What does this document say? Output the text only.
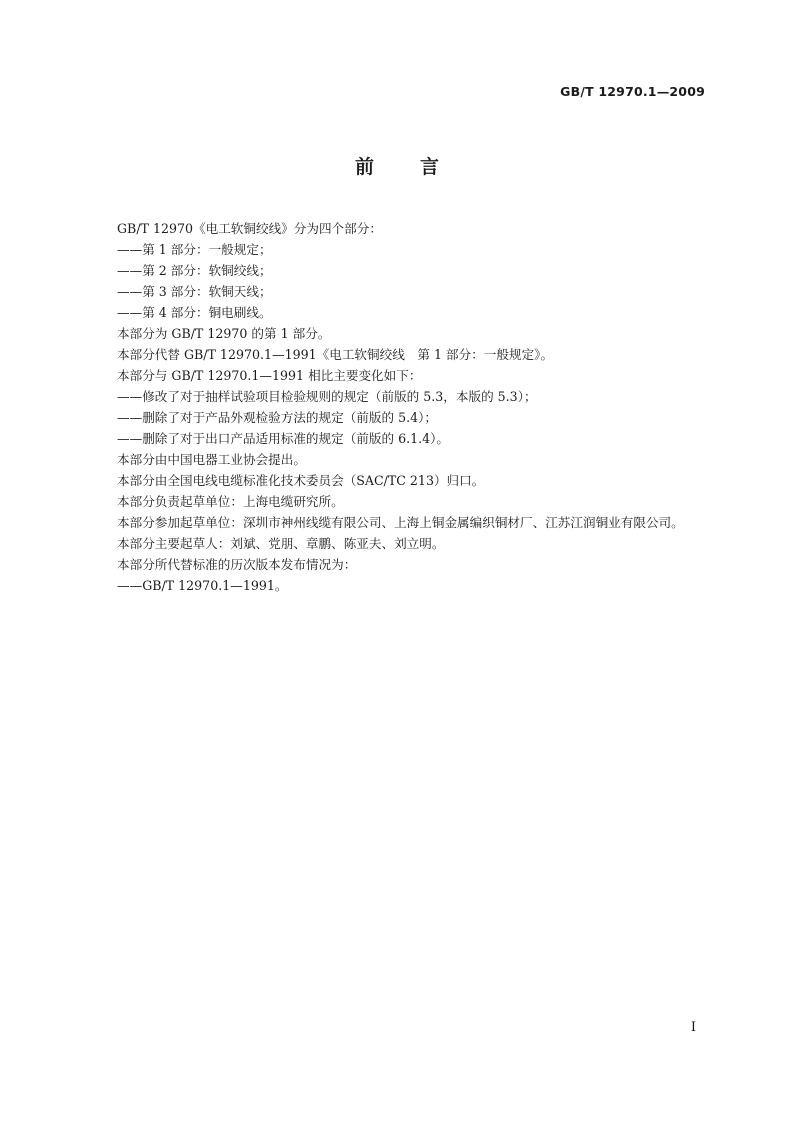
GB/T 12970.1—2009
前言

GB/T 12970《电工软铜绞线》分为四个部分：

——第 1 部分：一般规定；

——第 2 部分：软铜绞线；

——第 3 部分：软铜天线；

——第 4 部分：铜电刷线。

本部分为 GB/T 12970 的第 1 部分。

本部分代替 GB/T 12970.1—1991《电工软铜绞线　第 1 部分：一般规定》。

本部分与 GB/T 12970.1—1991 相比主要变化如下：

——修改了对于抽样试验项目检验规则的规定（前版的 5.3，本版的 5.3）；

——删除了对于产品外观检验方法的规定（前版的 5.4）；

——删除了对于出口产品适用标准的规定（前版的 6.1.4）。

本部分由中国电器工业协会提出。

本部分由全国电线电缆标准化技术委员会（SAC/TC 213）归口。

本部分负责起草单位：上海电缆研究所。

本部分参加起草单位：深圳市神州线缆有限公司、上海上铜金属编织铜材厂、江苏江润铜业有限公司。

本部分主要起草人：刘斌、党朋、章鹏、陈亚夫、刘立明。

本部分所代替标准的历次版本发布情况为：

——GB/T 12970.1—1991。

I
